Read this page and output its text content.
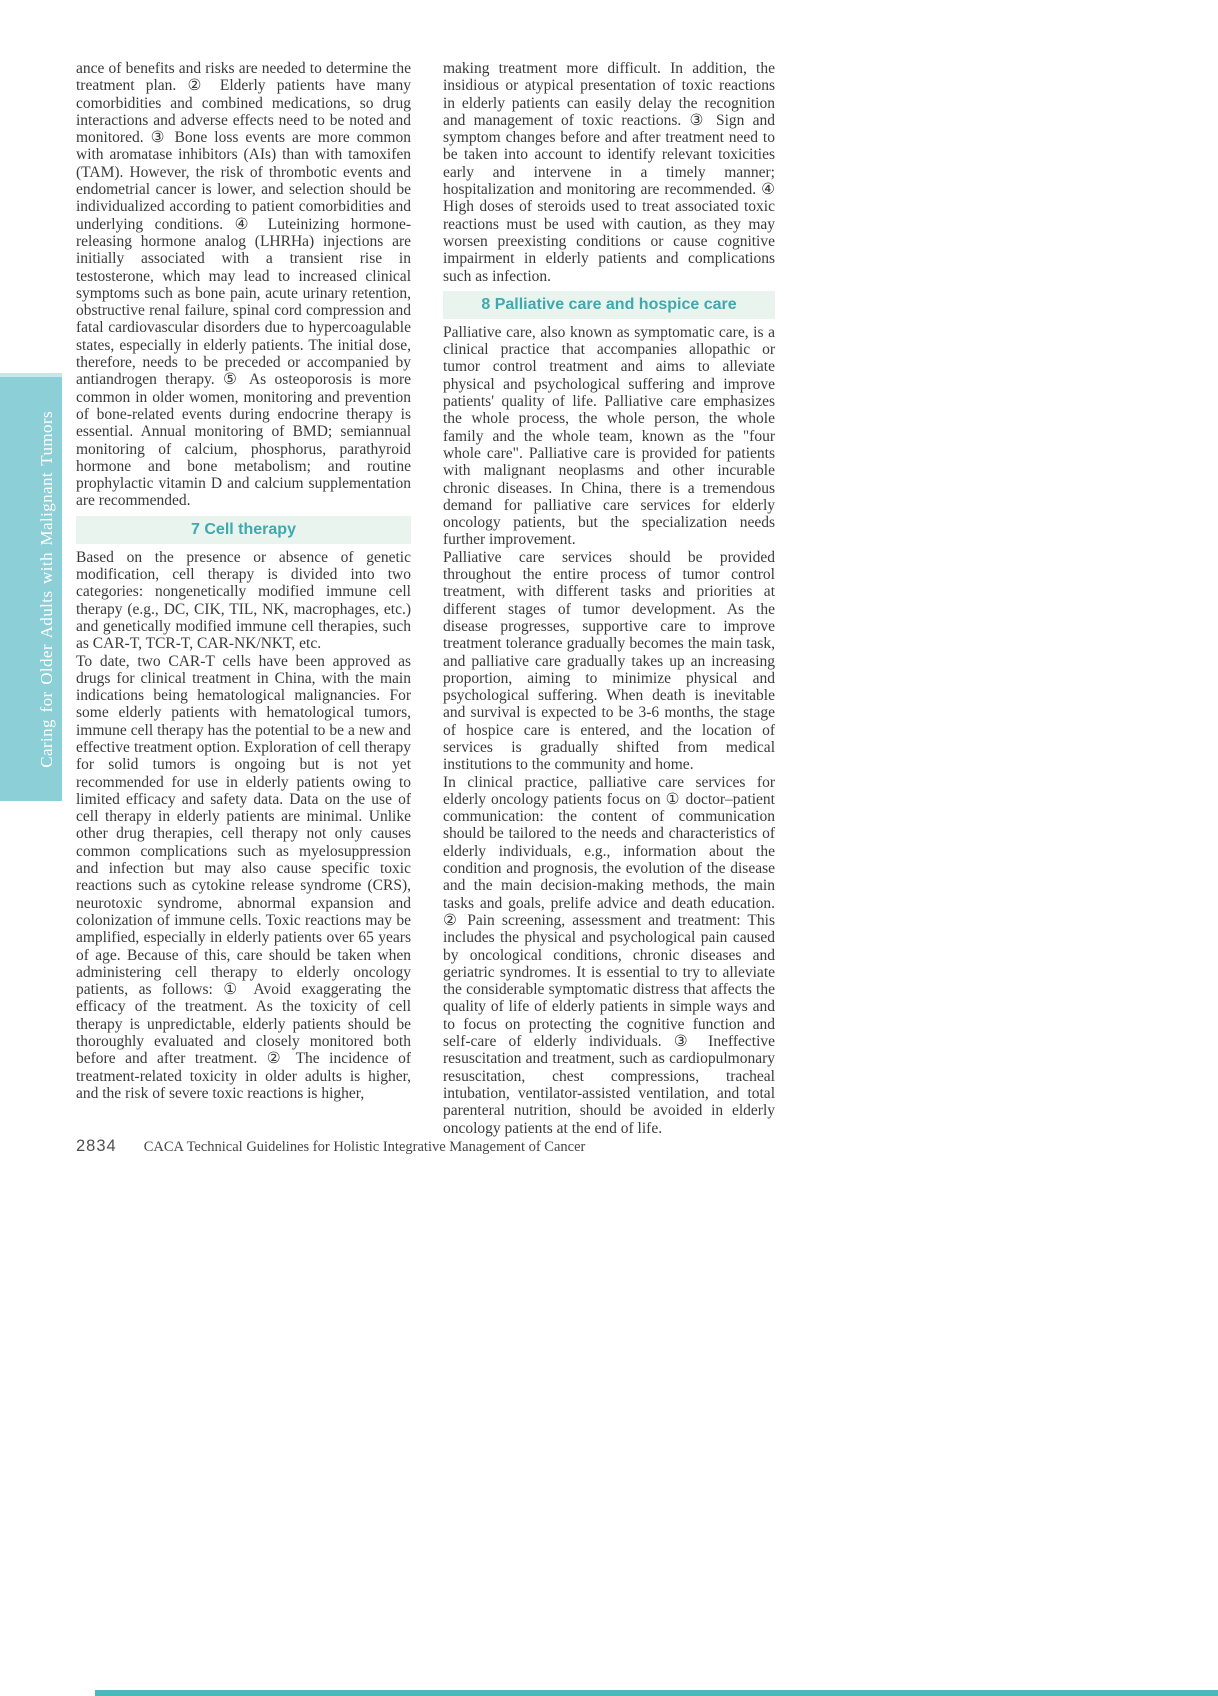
Caring for Older Adults with Malignant Tumors

ance of benefits and risks are needed to determine the treatment plan. ② Elderly patients have many comorbidities and combined medications, so drug interactions and adverse effects need to be noted and monitored. ③ Bone loss events are more common with aromatase inhibitors (AIs) than with tamoxifen (TAM). However, the risk of thrombotic events and endometrial cancer is lower, and selection should be individualized according to patient comorbidities and underlying conditions. ④ Luteinizing hormone-releasing hormone analog (LHRHa) injections are initially associated with a transient rise in testosterone, which may lead to increased clinical symptoms such as bone pain, acute urinary retention, obstructive renal failure, spinal cord compression and fatal cardiovascular disorders due to hypercoagulable states, especially in elderly patients. The initial dose, therefore, needs to be preceded or accompanied by antiandrogen therapy. ⑤ As osteoporosis is more common in older women, monitoring and prevention of bone-related events during endocrine therapy is essential. Annual monitoring of BMD; semiannual monitoring of calcium, phosphorus, parathyroid hormone and bone metabolism; and routine prophylactic vitamin D and calcium supplementation are recommended.

7 Cell therapy

Based on the presence or absence of genetic modification, cell therapy is divided into two categories: nongenetically modified immune cell therapy (e.g., DC, CIK, TIL, NK, macrophages, etc.) and genetically modified immune cell therapies, such as CAR-T, TCR-T, CAR-NK/NKT, etc.

To date, two CAR-T cells have been approved as drugs for clinical treatment in China, with the main indications being hematological malignancies. For some elderly patients with hematological tumors, immune cell therapy has the potential to be a new and effective treatment option. Exploration of cell therapy for solid tumors is ongoing but is not yet recommended for use in elderly patients owing to limited efficacy and safety data. Data on the use of cell therapy in elderly patients are minimal. Unlike other drug therapies, cell therapy not only causes common complications such as myelosuppression and infection but may also cause specific toxic reactions such as cytokine release syndrome (CRS), neurotoxic syndrome, abnormal expansion and colonization of immune cells. Toxic reactions may be amplified, especially in elderly patients over 65 years of age. Because of this, care should be taken when administering cell therapy to elderly oncology patients, as follows: ① Avoid exaggerating the efficacy of the treatment. As the toxicity of cell therapy is unpredictable, elderly patients should be thoroughly evaluated and closely monitored both before and after treatment. ② The incidence of treatment-related toxicity in older adults is higher, and the risk of severe toxic reactions is higher,

making treatment more difficult. In addition, the insidious or atypical presentation of toxic reactions in elderly patients can easily delay the recognition and management of toxic reactions. ③ Sign and symptom changes before and after treatment need to be taken into account to identify relevant toxicities early and intervene in a timely manner; hospitalization and monitoring are recommended. ④ High doses of steroids used to treat associated toxic reactions must be used with caution, as they may worsen preexisting conditions or cause cognitive impairment in elderly patients and complications such as infection.

8 Palliative care and hospice care

Palliative care, also known as symptomatic care, is a clinical practice that accompanies allopathic or tumor control treatment and aims to alleviate physical and psychological suffering and improve patients' quality of life. Palliative care emphasizes the whole process, the whole person, the whole family and the whole team, known as the "four whole care". Palliative care is provided for patients with malignant neoplasms and other incurable chronic diseases. In China, there is a tremendous demand for palliative care services for elderly oncology patients, but the specialization needs further improvement.

Palliative care services should be provided throughout the entire process of tumor control treatment, with different tasks and priorities at different stages of tumor development. As the disease progresses, supportive care to improve treatment tolerance gradually becomes the main task, and palliative care gradually takes up an increasing proportion, aiming to minimize physical and psychological suffering. When death is inevitable and survival is expected to be 3-6 months, the stage of hospice care is entered, and the location of services is gradually shifted from medical institutions to the community and home.

In clinical practice, palliative care services for elderly oncology patients focus on ① doctor–patient communication: the content of communication should be tailored to the needs and characteristics of elderly individuals, e.g., information about the condition and prognosis, the evolution of the disease and the main decision-making methods, the main tasks and goals, prelife advice and death education. ② Pain screening, assessment and treatment: This includes the physical and psychological pain caused by oncological conditions, chronic diseases and geriatric syndromes. It is essential to try to alleviate the considerable symptomatic distress that affects the quality of life of elderly patients in simple ways and to focus on protecting the cognitive function and self-care of elderly individuals. ③ Ineffective resuscitation and treatment, such as cardiopulmonary resuscitation, chest compressions, tracheal intubation, ventilator-assisted ventilation, and total parenteral nutrition, should be avoided in elderly oncology patients at the end of life.

2834 CACA Technical Guidelines for Holistic Integrative Management of Cancer
